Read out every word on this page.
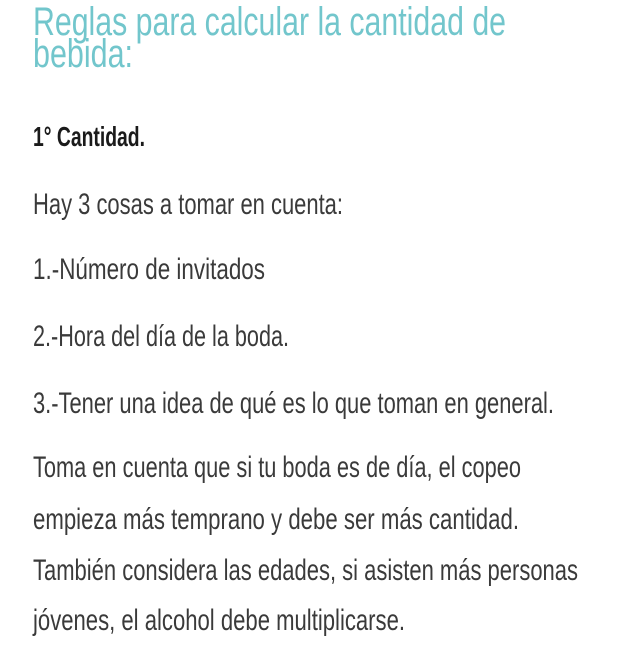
Reglas para calcular la cantidad de
bebida:
1° Cantidad.
Hay 3 cosas a tomar en cuenta:
1.-Número de invitados
2.-Hora del día de la boda.
3.-Tener una idea de qué es lo que toman en general.
Toma en cuenta que si tu boda es de día, el copeo
empieza más temprano y debe ser más cantidad.
También considera las edades, si asisten más personas
jóvenes, el alcohol debe multiplicarse.
